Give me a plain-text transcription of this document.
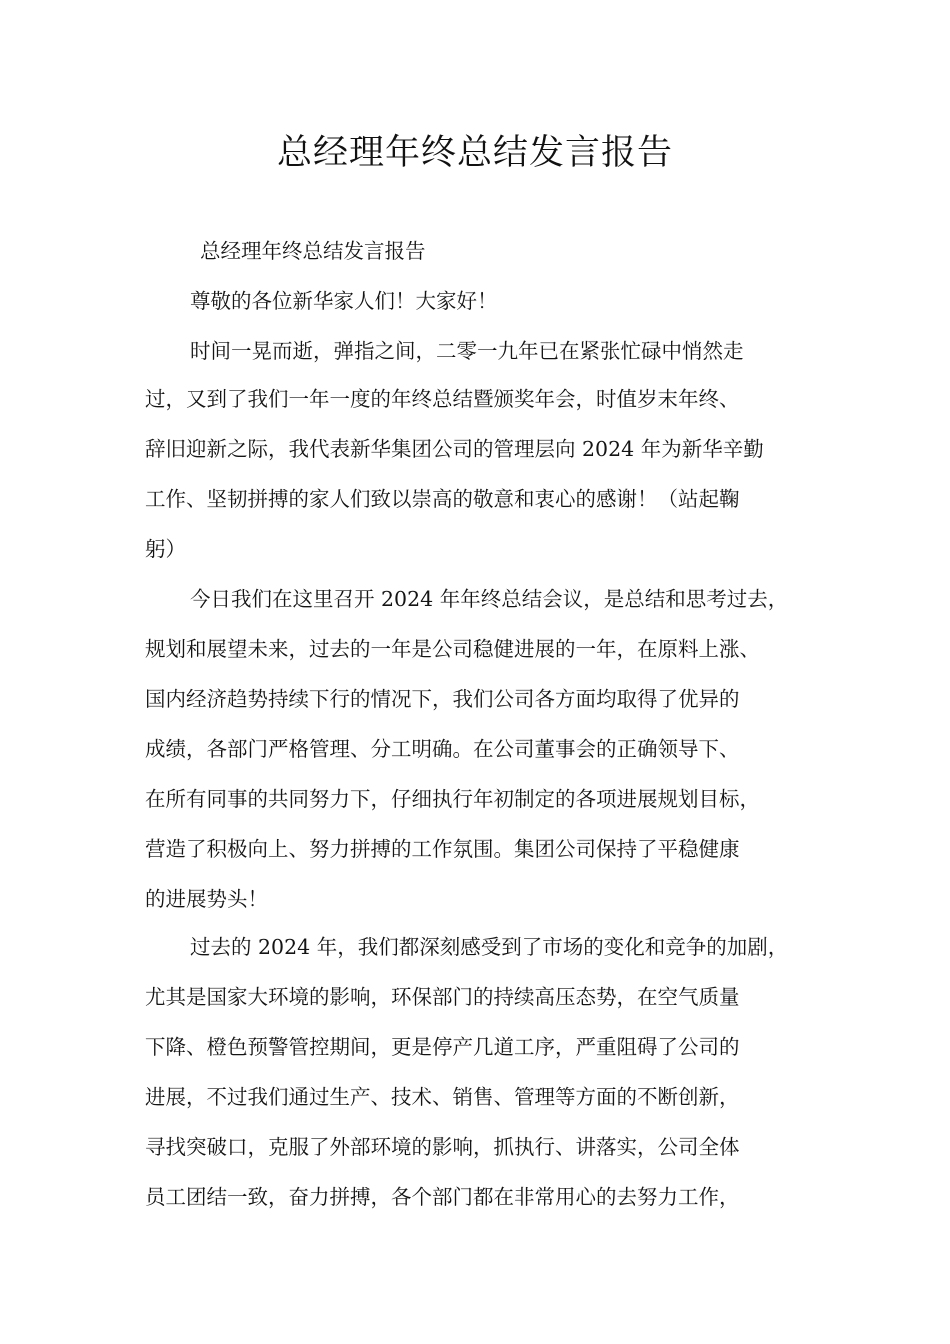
总经理年终总结发言报告
总经理年终总结发言报告
尊敬的各位新华家人们！大家好！
时间一晃而逝，弹指之间，二零一九年已在紧张忙碌中悄然走
过，又到了我们一年一度的年终总结暨颁奖年会，时值岁末年终、
辞旧迎新之际，我代表新华集团公司的管理层向 2024 年为新华辛勤
工作、坚韧拼搏的家人们致以崇高的敬意和衷心的感谢！（站起鞠
躬）
今日我们在这里召开 2024 年年终总结会议，是总结和思考过去，
规划和展望未来，过去的一年是公司稳健进展的一年，在原料上涨、
国内经济趋势持续下行的情况下，我们公司各方面均取得了优异的
成绩，各部门严格管理、分工明确。在公司董事会的正确领导下、
在所有同事的共同努力下，仔细执行年初制定的各项进展规划目标，
营造了积极向上、努力拼搏的工作氛围。集团公司保持了平稳健康
的进展势头！
过去的 2024 年，我们都深刻感受到了市场的变化和竞争的加剧，
尤其是国家大环境的影响，环保部门的持续高压态势，在空气质量
下降、橙色预警管控期间，更是停产几道工序，严重阻碍了公司的
进展，不过我们通过生产、技术、销售、管理等方面的不断创新，
寻找突破口，克服了外部环境的影响，抓执行、讲落实，公司全体
员工团结一致，奋力拼搏，各个部门都在非常用心的去努力工作，
